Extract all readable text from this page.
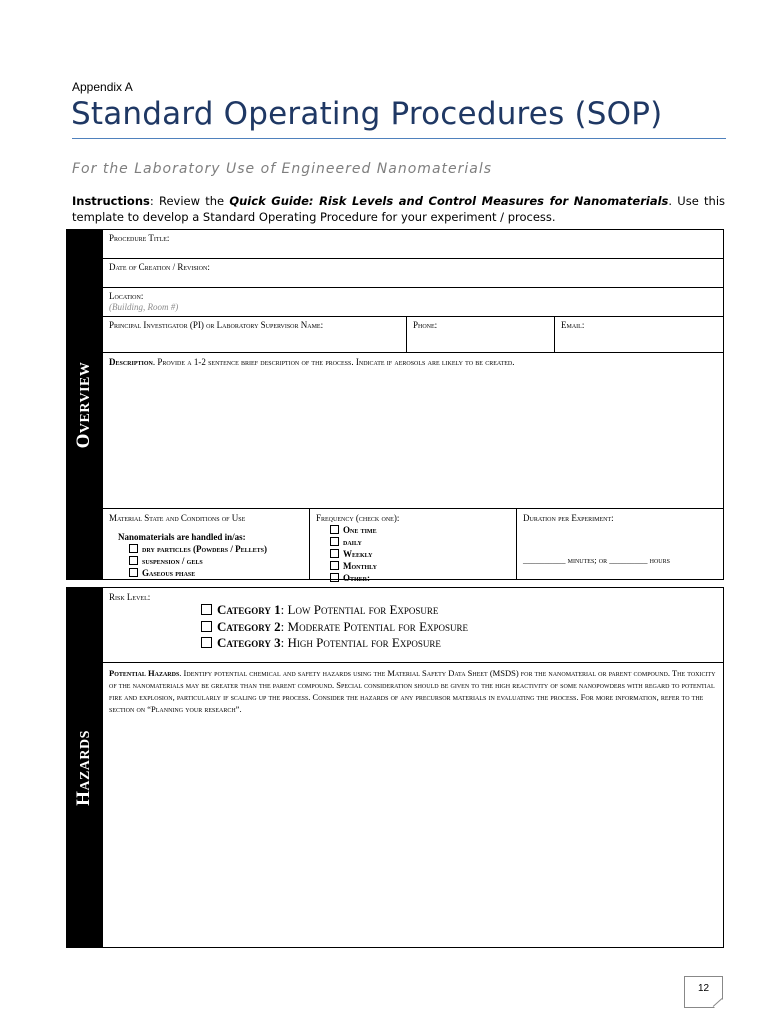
Appendix A
Standard Operating Procedures (SOP)
For the Laboratory Use of Engineered Nanomaterials
Instructions: Review the Quick Guide: Risk Levels and Control Measures for Nanomaterials. Use this template to develop a Standard Operating Procedure for your experiment / process.
OVERVIEW
Procedure Title:
Date of Creation / Revision:
Location:
(Building, Room #)
Principal Investigator (PI) or Laboratory Supervisor Name:	Phone:	Email:
Description. Provide a 1-2 sentence brief description of the process. Indicate if aerosols are likely to be created.
Material State and Conditions of Use
Nanomaterials are handled in/as:
dry particles (Powders / Pellets)
suspension / gels
Gaseous phase
Frequency (check one):
One time
daily
Weekly
Monthly
Other:
Duration per Experiment:
__________ minutes; or _________ hours
HAZARDS
Risk Level:
Category 1: Low Potential for Exposure
Category 2: Moderate Potential for Exposure
Category 3: High Potential for Exposure
Potential Hazards. Identify potential chemical and safety hazards using the Material Safety Data Sheet (MSDS) for the nanomaterial or parent compound. The toxicity of the nanomaterials may be greater than the parent compound. Special consideration should be given to the high reactivity of some nanopowders with regard to potential fire and explosion, particularly if scaling up the process. Consider the hazards of any precursor materials in evaluating the process. For more information, refer to the section on “Planning your research”.
12
